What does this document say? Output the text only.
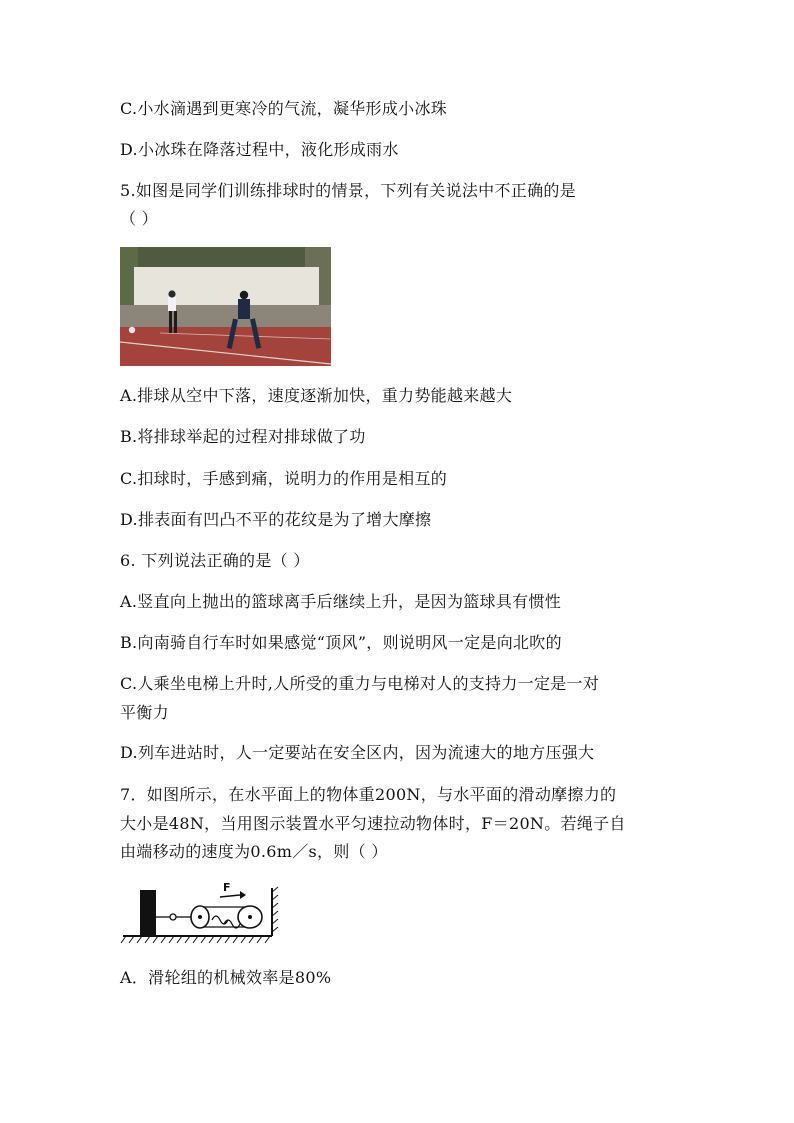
C.小水滴遇到更寒冷的气流，凝华形成小冰珠
D.小冰珠在降落过程中，液化形成雨水
5.如图是同学们训练排球时的情景，下列有关说法中不正确的是
（ ）
A.排球从空中下落，速度逐渐加快，重力势能越来越大
B.将排球举起的过程对排球做了功
C.扣球时，手感到痛，说明力的作用是相互的
D.排表面有凹凸不平的花纹是为了增大摩擦
6. 下列说法正确的是（ ）
A.竖直向上抛出的篮球离手后继续上升，是因为篮球具有惯性
B.向南骑自行车时如果感觉“顶风”，则说明风一定是向北吹的
C.人乘坐电梯上升时,人所受的重力与电梯对人的支持力一定是一对
平衡力
D.列车进站时，人一定要站在安全区内，因为流速大的地方压强大
7．如图所示，在水平面上的物体重200N，与水平面的滑动摩擦力的
大小是48N，当用图示装置水平匀速拉动物体时，F＝20N。若绳子自
由端移动的速度为0.6m／s，则（ ）
F
A．滑轮组的机械效率是80%
